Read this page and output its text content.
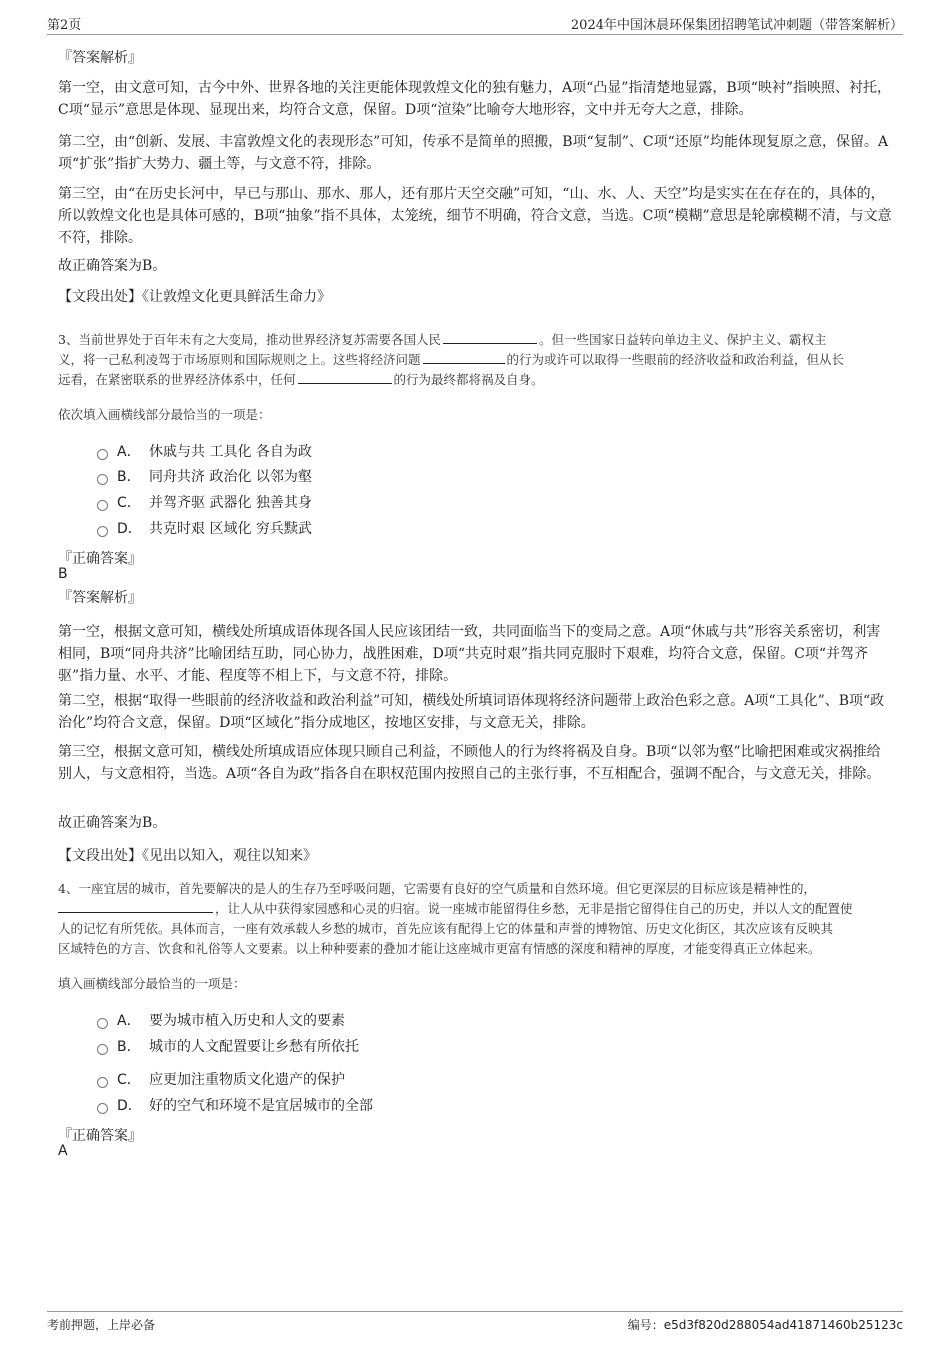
第2页	2024年中国沐晨环保集团招聘笔试冲刺题（带答案解析）
『答案解析』
第一空，由文意可知，古今中外、世界各地的关注更能体现敦煌文化的独有魅力，A项“凸显”指清楚地显露，B项“映衬”指映照、衬托，C项“显示”意思是体现、显现出来，均符合文意，保留。D项“渲染”比喻夸大地形容，文中并无夸大之意，排除。
第二空，由“创新、发展、丰富敦煌文化的表现形态”可知，传承不是简单的照搬，B项“复制”、C项“还原”均能体现复原之意，保留。A项“扩张”指扩大势力、疆土等，与文意不符，排除。
第三空，由“在历史长河中，早已与那山、那水、那人，还有那片天空交融”可知，“山、水、人、天空”均是实实在在存在的，具体的，所以敦煌文化也是具体可感的，B项“抽象”指不具体，太笼统，细节不明确，符合文意，当选。C项“模糊”意思是轮廓模糊不清，与文意不符，排除。
故正确答案为B。
【文段出处】《让敦煌文化更具鲜活生命力》
3、当前世界处于百年未有之大变局，推动世界经济复苏需要各国人民	。但一些国家日益转向单边主义、保护主义、霸权主
义，将一己私利凌驾于市场原则和国际规则之上。这些将经济问题	的行为或许可以取得一些眼前的经济收益和政治利益，但从长
远看，在紧密联系的世界经济体系中，任何	的行为最终都将祸及自身。
依次填入画横线部分最恰当的一项是：
A． 休戚与共 工具化 各自为政
B． 同舟共济 政治化 以邻为壑
C． 并驾齐驱 武器化 独善其身
D． 共克时艰 区域化 穷兵黩武
『正确答案』
B
『答案解析』
第一空，根据文意可知，横线处所填成语体现各国人民应该团结一致，共同面临当下的变局之意。A项“休戚与共”形容关系密切，利害相同，B项“同舟共济”比喻团结互助，同心协力，战胜困难，D项“共克时艰”指共同克服时下艰难，均符合文意，保留。C项“并驾齐驱”指力量、水平、才能、程度等不相上下，与文意不符，排除。
第二空，根据“取得一些眼前的经济收益和政治利益”可知，横线处所填词语体现将经济问题带上政治色彩之意。A项“工具化”、B项“政治化”均符合文意，保留。D项“区域化”指分成地区，按地区安排，与文意无关，排除。
第三空，根据文意可知，横线处所填成语应体现只顾自己利益，不顾他人的行为终将祸及自身。B项“以邻为壑”比喻把困难或灾祸推给别人，与文意相符，当选。A项“各自为政”指各自在职权范围内按照自己的主张行事，不互相配合，强调不配合，与文意无关，排除。
故正确答案为B。
【文段出处】《见出以知入，观往以知来》
4、一座宜居的城市，首先要解决的是人的生存乃至呼吸问题，它需要有良好的空气质量和自然环境。但它更深层的目标应该是精神性的，
，让人从中获得家园感和心灵的归宿。说一座城市能留得住乡愁，无非是指它留得住自己的历史，并以人文的配置使
人的记忆有所凭依。具体而言，一座有效承载人乡愁的城市，首先应该有配得上它的体量和声誉的博物馆、历史文化街区，其次应该有反映其
区域特色的方言、饮食和礼俗等人文要素。以上种种要素的叠加才能让这座城市更富有情感的深度和精神的厚度，才能变得真正立体起来。
填入画横线部分最恰当的一项是：
A． 要为城市植入历史和人文的要素
B． 城市的人文配置要让乡愁有所依托
C． 应更加注重物质文化遗产的保护
D． 好的空气和环境不是宜居城市的全部
『正确答案』
A
考前押题，上岸必备	编号：e5d3f820d288054ad41871460b25123c
